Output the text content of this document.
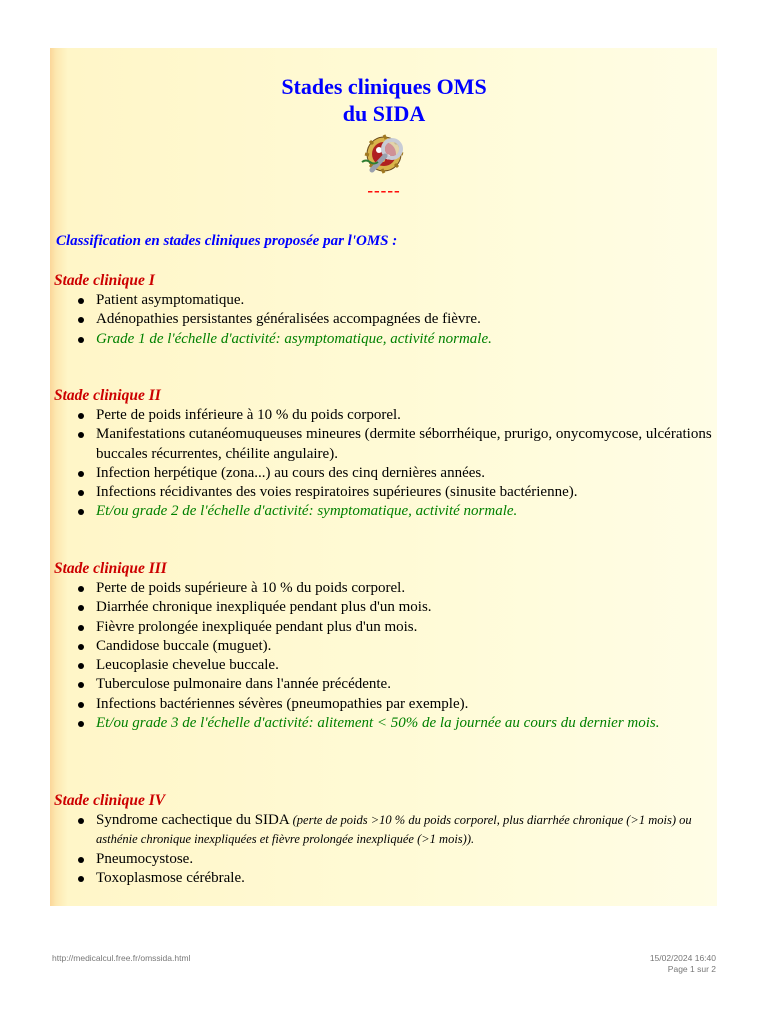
Stades cliniques OMS
du SIDA
-----
Classification en stades cliniques proposée par l'OMS :
Stade clinique I
Patient asymptomatique.
Adénopathies persistantes généralisées accompagnées de fièvre.
Grade 1 de l'échelle d'activité: asymptomatique, activité normale.
Stade clinique II
Perte de poids inférieure à 10 % du poids corporel.
Manifestations cutanéomuqueuses mineures (dermite séborrhéique, prurigo, onycomycose, ulcérations buccales récurrentes, chéilite angulaire).
Infection herpétique (zona...) au cours des cinq dernières années.
Infections récidivantes des voies respiratoires supérieures (sinusite bactérienne).
Et/ou grade 2 de l'échelle d'activité: symptomatique, activité normale.
Stade clinique III
Perte de poids supérieure à 10 % du poids corporel.
Diarrhée chronique inexpliquée pendant plus d'un mois.
Fièvre prolongée inexpliquée pendant plus d'un mois.
Candidose buccale (muguet).
Leucoplasie chevelue buccale.
Tuberculose pulmonaire dans l'année précédente.
Infections bactériennes sévères (pneumopathies par exemple).
Et/ou grade 3 de l'échelle d'activité: alitement < 50% de la journée au cours du dernier mois.
Stade clinique IV
Syndrome cachectique du SIDA (perte de poids >10 % du poids corporel, plus diarrhée chronique (>1 mois) ou asthénie chronique inexpliquées et fièvre prolongée inexpliquée (>1 mois)).
Pneumocystose.
Toxoplasmose cérébrale.
http://medicalcul.free.fr/omssida.html	15/02/2024 16:40
Page 1 sur 2
